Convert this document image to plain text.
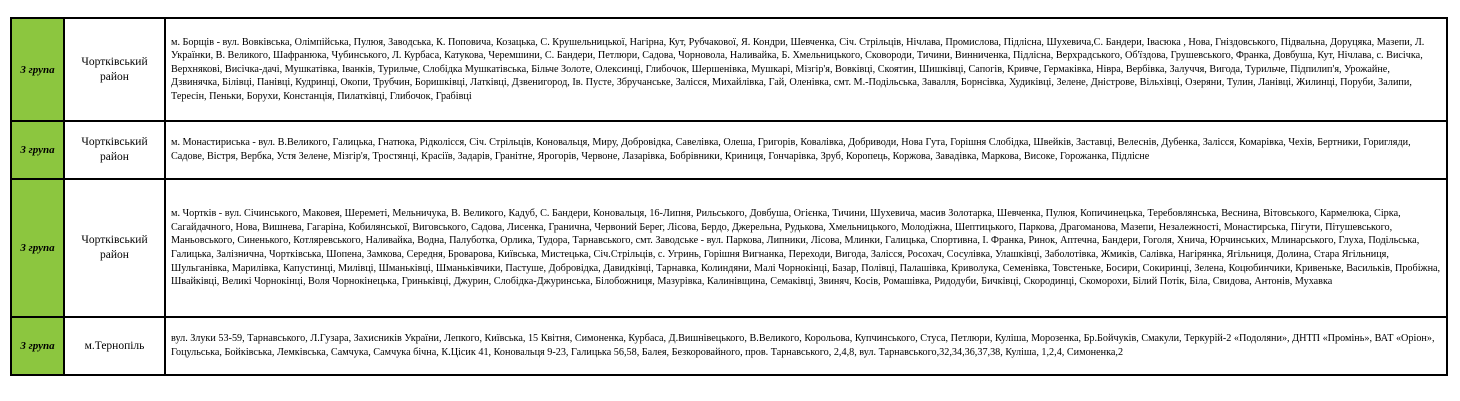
3 група	Чортківський район	м. Борщів - вул. Вовківська, Олімпійська, Пулюя, Заводська, К. Поповича, Козацька, С. Крушельницької, Нагірна, Кут, Рубчакової, Я. Кондри, Шевченка, Січ. Стрільців, Нічлава, Промислова, Підлісна, Шухевича,С. Бандери, Івасюка , Нова, Гніздовського, Підвальна, Доруцяка, Мазепи, Л. Українки, В. Великого, Шафранюка, Чубинського, Л. Курбаса, Катукова, Черемшини, С. Бандери, Петлюри, Садова, Чорновола, Наливайка, Б. Хмельницького, Сковороди, Тичини, Винниченка, Підлісна, Верхрадського, Об'їздова, Грушевського, Франка, Довбуша, Кут, Нічлава, с. Висічка, Верхнякові, Висічка-дачі, Мушкатівка, Іванків, Турильче, Слобідка Мушкатівська, Більче Золоте, Олексинці, Глибочок, Шершенівка, Мушкарі, Мізгір'я, Вовківці, Скоятин, Шишківці, Сапогів, Кривче, Гермаківка, Нівра, Вербівка, Залуччя, Вигода, Турильче, Підпилип'я, Урожайне, Дзвинячка, Білівці, Панівці, Кудринці, Окопи, Трубчин, Боришківці, Латківці, Дзвенигород, Ів. Пусте, Збручанське, Залісся, Михайлівка, Гай, Оленівка, смт. М.-Подільська, Завалля, Борнсівка, Худиківці, Зелене, Дністрове, Вільхівці, Озеряни, Тулин, Ланівці, Жилинці, Поруби, Залипи, Тересін, Пеньки, Борухи, Констанція, Пилатківці, Глибочок, Грабівці
3 група	Чортківський район	м. Монастириська - вул. В.Великого, Галицька, Гнатюка, Рідколісся, Січ. Стрільців, Коновальця, Миру, Добровідка, Савелівка, Олеша, Григорів, Ковалівка, Добриводи, Нова Гута, Горішня Слобідка, Швейків, Заставці, Велеснів, Дубенка, Залісся, Комарівка, Чехів, Бертники, Горигляди, Садове, Вістря, Вербка, Устя Зелене, Мізгір'я, Тростянці, Красіїв, Задарів, Гранітне, Ярогорів, Червоне, Лазарівка, Бобрівники, Криниця, Гончарівка, Зруб, Коропець, Коржова, Завадівка, Маркова, Високе, Горожанка, Підлісне
3 група	Чортківський район	м. Чортків - вул. Січинського, Маковея, Шереметi, Мельничука, В. Великого, Кадуб, С. Бандери, Коновальця, 16-Липня, Рильського, Довбуша, Огієнка, Тичини, Шухевича, масив Золотарка, Шевченка, Пулюя, Копичинецька, Теребовлянська, Веснина, Вітовського, Кармелюка, Сірка, Сагайдачного, Нова, Вишнева, Гагаріна, Кобилянської, Виговського, Садова, Лисенка, Гранична, Червоний Берег, Лісова, Бердо, Джерельна, Рудькова, Хмельницького, Молодіжна, Шептицького, Паркова, Драгоманова, Мазепи, Незалежності, Монастирська, Пігути, Пітушевського, Маньовського, Синенького, Котляревського, Наливайка, Водна, Палуботка, Орлика, Тудора, Тарнавського, смт. Заводське - вул. Паркова, Липники, Лісова, Млинки, Галицька, Спортивна, І. Франка, Ринок, Аптечна, Бандери, Гоголя, Хнича, Юрчинських, Млинарського, Глуха, Подільська, Галицька, Залізнична, Чортківська, Шопена, Замкова, Середня, Броварова, Київська, Мистецька, Січ.Стрільців, с. Угринь, Горішня Вигнанка, Переходи, Вигода, Залісся, Росохач, Сосулівка, Улашківці, Заболотівка, Жмиків, Салівка, Нагірянка, Ягільниця, Долина, Стара Ягільниця, Шульганівка, Марилівка, Капустинці, Милівці, Шманьківці, Шманьківчики, Пастуше, Добровідка, Давидківці, Тарнавка, Колиндяни, Малі Чорнокінці, Базар, Полівці, Палашівка, Криволука, Семенівка, Товстеньке, Босири, Сокиринці, Зелена, Коцюбинчики, Кривеньке, Васильків, Пробіжна, Швайківці, Великі Чорнокінці, Воля Чорнокінецька, Гриньківці, Джурин, Слобідка-Джуринська, Білобожниця, Мазурівка, Калинівщина, Семаківці, Звиняч, Косів, Ромашівка, Ридодуби, Бичківці, Скородинці, Скоморохи, Білий Потік, Біла, Свидова, Антонів, Мухавка
3 група	м.Тернопіль	вул. Злуки 53-59, Тарнавського, Л.Гузара, Захисників України, Лепкого, Київська, 15 Квітня, Симоненка, Курбаса, Д.Вишнівецького, В.Великого, Корольова, Купчинського, Стуса, Петлюри, Куліша, Морозенка, Бр.Бойчуків, Смакули, Теркурій-2 «Подоляни», ДНТП «Промінь», ВАТ «Оріон», Гоцульська, Бойківська, Лемківська, Самчука, Самчука бічна, К.Цісик 41, Коновальця 9-23, Галицька 56,58, Балея, Безкоровайного, пров. Тарнавського, 2,4,8, вул. Тарнавського,32,34,36,37,38, Куліша, 1,2,4, Симоненка,2
